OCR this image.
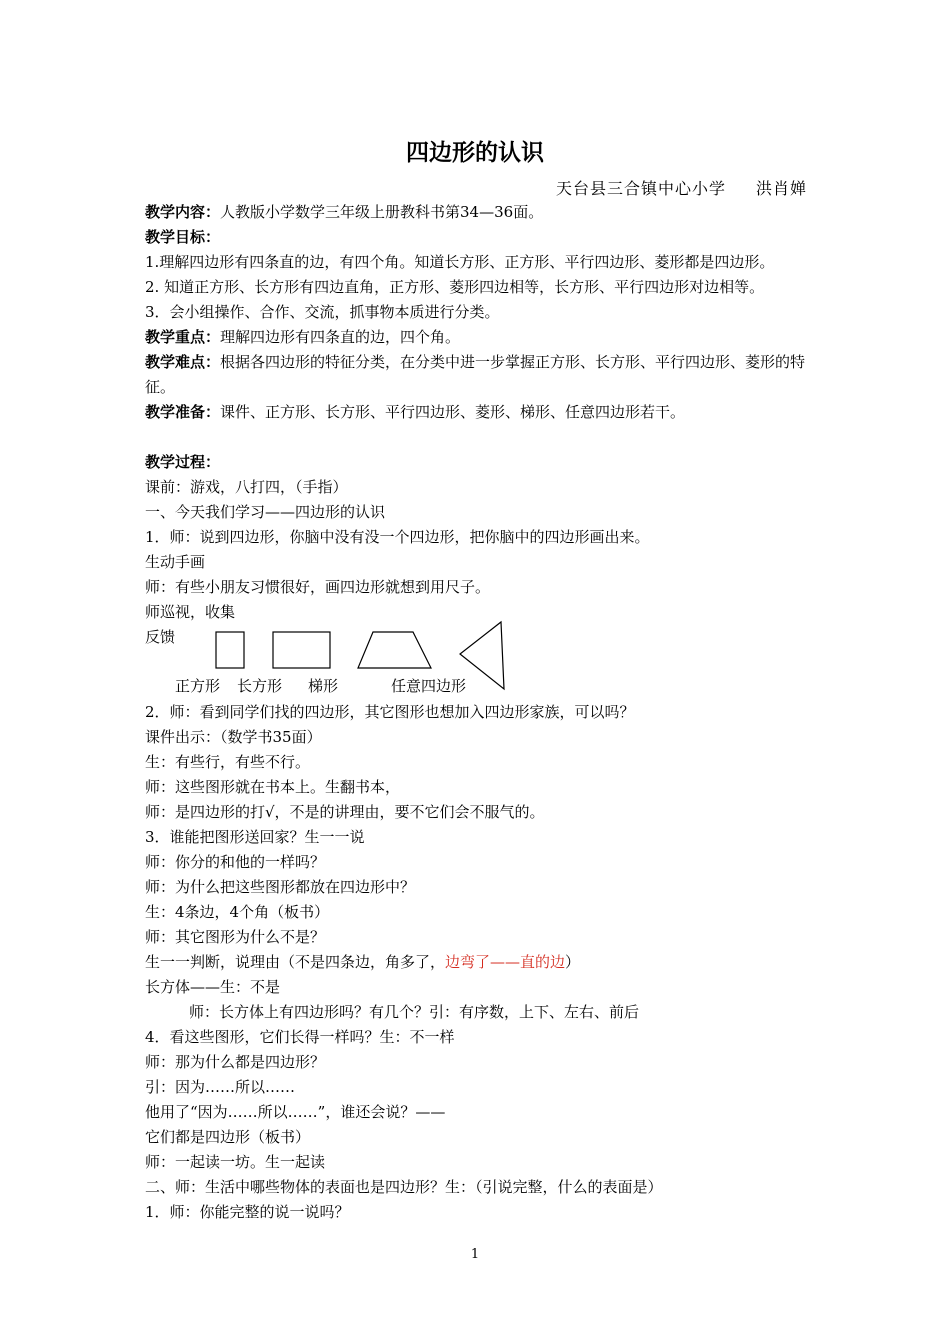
四边形的认识
天台县三合镇中心小学 洪肖婵
教学内容：人教版小学数学三年级上册教科书第34—36面。
教学目标：
1.理解四边形有四条直的边，有四个角。知道长方形、正方形、平行四边形、菱形都是四边形。
2. 知道正方形、长方形有四边直角，正方形、菱形四边相等，长方形、平行四边形对边相等。
3．会小组操作、合作、交流，抓事物本质进行分类。
教学重点：理解四边形有四条直的边，四个角。
教学难点：根据各四边形的特征分类，在分类中进一步掌握正方形、长方形、平行四边形、菱形的特征。
教学准备：课件、正方形、长方形、平行四边形、菱形、梯形、任意四边形若干。
教学过程：
课前：游戏，八打四，（手指）
一、今天我们学习——四边形的认识
1．师：说到四边形，你脑中没有没一个四边形，把你脑中的四边形画出来。
生动手画
师：有些小朋友习惯很好，画四边形就想到用尺子。
师巡视，收集
反馈
正方形 长方形 梯形	任意四边形
2．师：看到同学们找的四边形，其它图形也想加入四边形家族，可以吗？
课件出示：（数学书35面）
生：有些行，有些不行。
师：这些图形就在书本上。生翻书本，
师：是四边形的打√，不是的讲理由，要不它们会不服气的。
3．谁能把图形送回家？生一一说
师：你分的和他的一样吗？
师：为什么把这些图形都放在四边形中？
生：4条边，4个角（板书）
师：其它图形为什么不是？
生一一判断，说理由（不是四条边，角多了，边弯了——直的边）
长方体——生：不是
师：长方体上有四边形吗？有几个？引：有序数，上下、左右、前后
4．看这些图形，它们长得一样吗？生：不一样
师：那为什么都是四边形？
引：因为……所以……
他用了“因为……所以……”，谁还会说？——
它们都是四边形（板书）
师：一起读一坊。生一起读
二、师：生活中哪些物体的表面也是四边形？生：（引说完整，什么的表面是）
1．师：你能完整的说一说吗？
1
